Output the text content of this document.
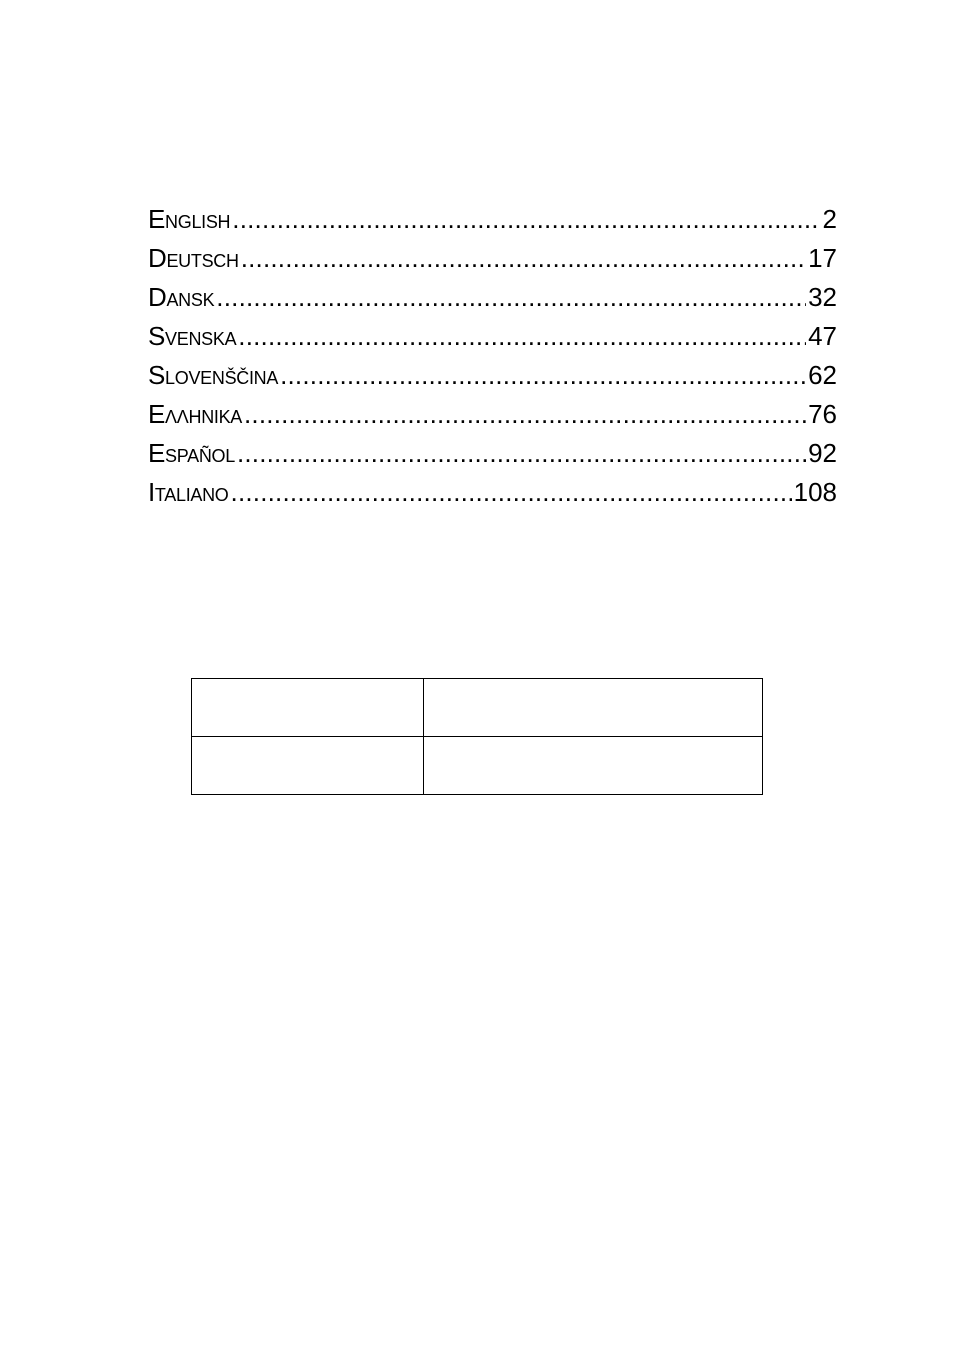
English .....	2
Deutsch .....	17
Dansk .....	32
Svenska .....	47
Slovenščina .....	62
Ελληνικα .....	76
Español .....	92
Italiano .....	108
